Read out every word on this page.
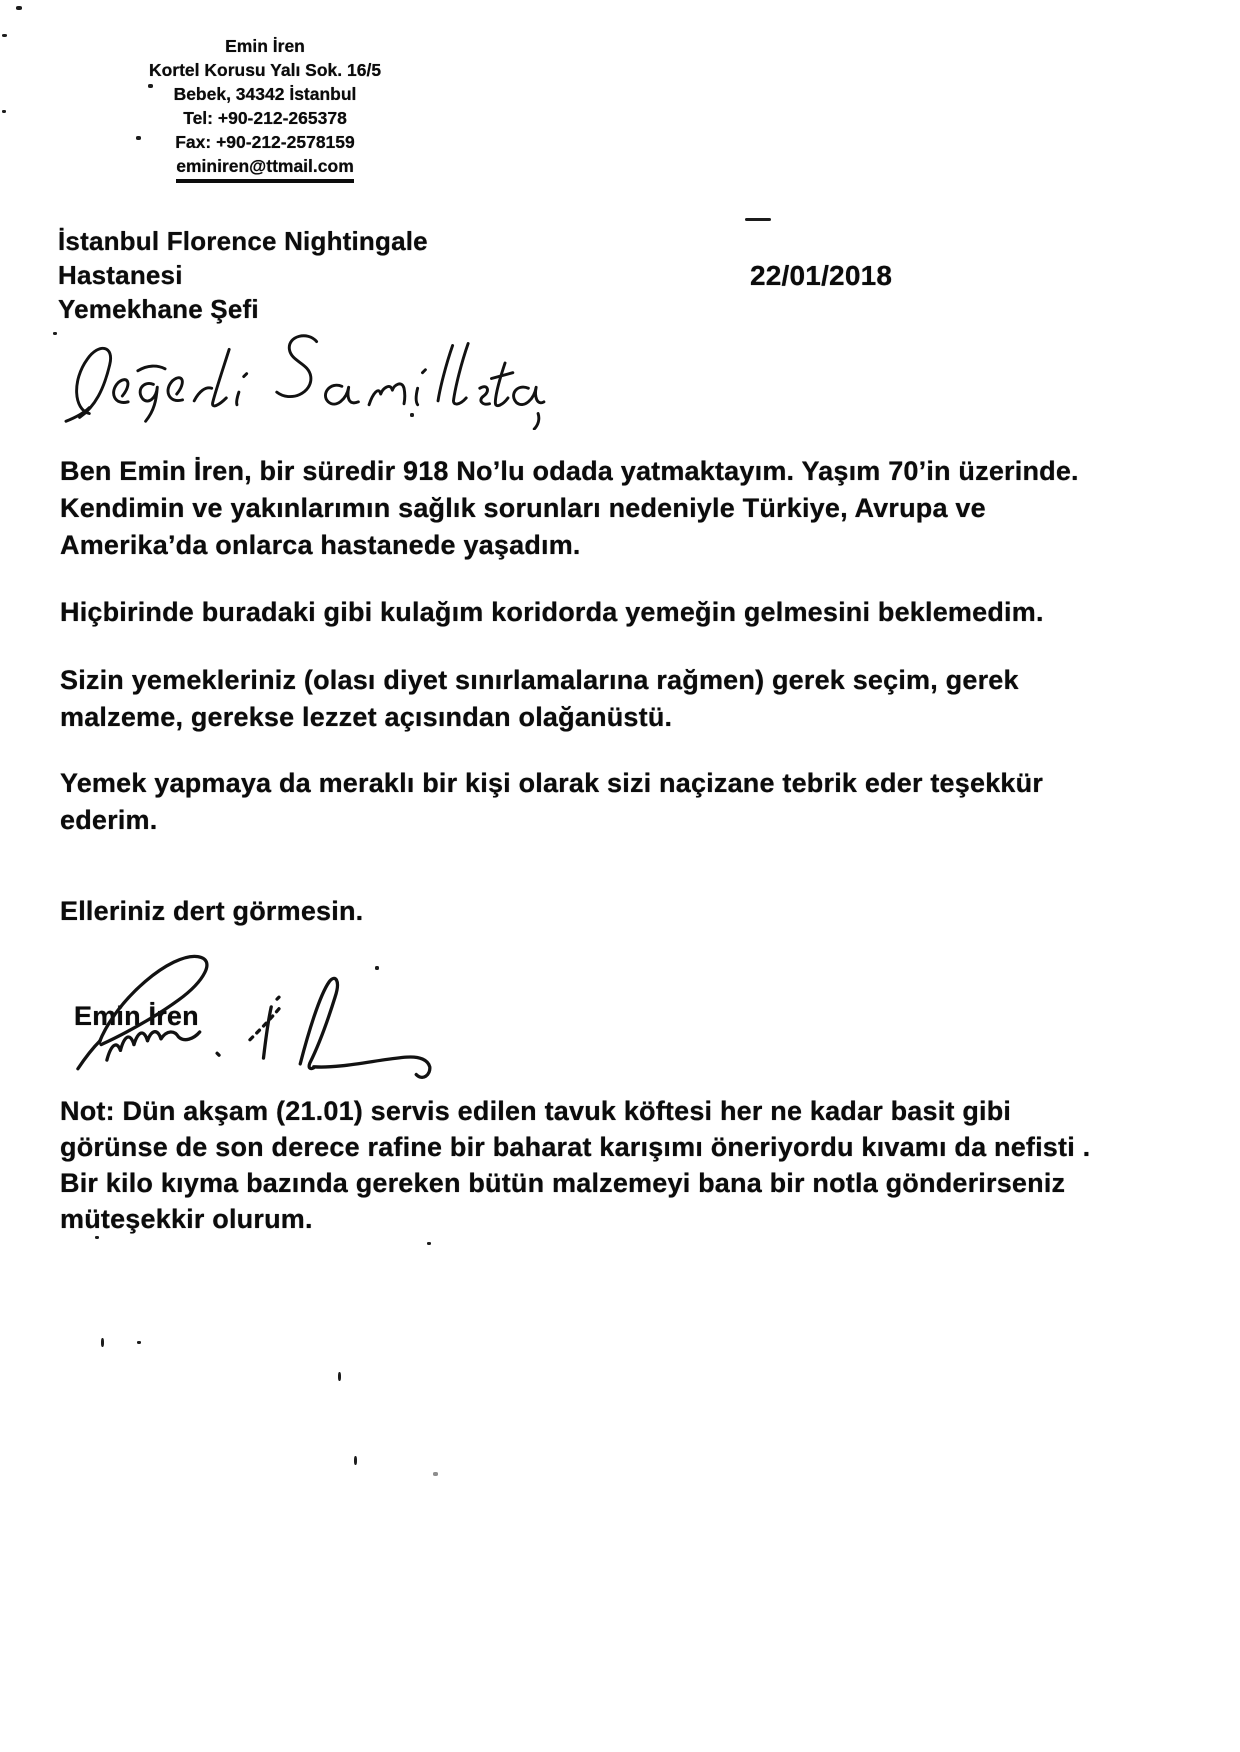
Emin İren
Kortel Korusu Yalı Sok. 16/5
Bebek, 34342 İstanbul
Tel: +90-212-265378
Fax: +90-212-2578159
eminiren@ttmail.com
İstanbul Florence Nightingale
Hastanesi
Yemekhane Şefi
22/01/2018
Ben Emin İren, bir süredir 918 No’lu odada yatmaktayım. Yaşım 70’in üzerinde.
Kendimin ve yakınlarımın sağlık sorunları nedeniyle Türkiye, Avrupa ve
Amerika’da onlarca hastanede yaşadım.
Hiçbirinde buradaki gibi kulağım koridorda yemeğin gelmesini beklemedim.
Sizin yemekleriniz (olası diyet sınırlamalarına rağmen) gerek seçim, gerek
malzeme, gerekse lezzet açısından olağanüstü.
Yemek yapmaya da meraklı bir kişi olarak sizi naçizane tebrik eder teşekkür
ederim.
Elleriniz dert görmesin.
Emin İren
Not: Dün akşam (21.01) servis edilen tavuk köftesi her ne kadar basit gibi
görünse de son derece rafine bir baharat karışımı öneriyordu kıvamı da nefisti .
Bir kilo kıyma bazında gereken bütün malzemeyi bana bir notla gönderirseniz
müteşekkir olurum.
